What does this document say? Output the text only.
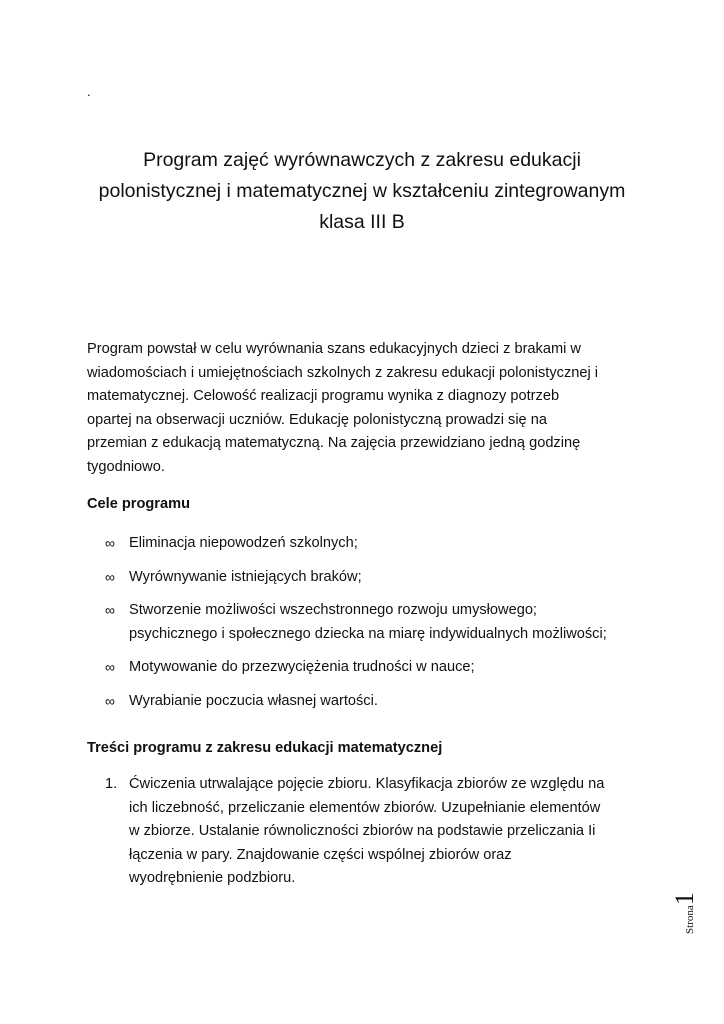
.
Program zajęć wyrównawczych z zakresu edukacji
polonistycznej i matematycznej w kształceniu zintegrowanym
klasa III B

Program powstał w celu wyrównania szans edukacyjnych dzieci z brakami w
wiadomościach i umiejętnościach szkolnych z zakresu edukacji polonistycznej i
matematycznej. Celowość realizacji programu wynika z diagnozy potrzeb
opartej na obserwacji uczniów. Edukację polonistyczną prowadzi się na
przemian z edukacją matematyczną. Na zajęcia przewidziano jedną godzinę
tygodniowo.

Cele programu
∞ Eliminacja niepowodzeń szkolnych;
∞ Wyrównywanie istniejących braków;
∞ Stworzenie możliwości wszechstronnego rozwoju umysłowego;
psychicznego i społecznego dziecka na miarę indywidualnych możliwości;
∞ Motywowanie do przezwyciężenia trudności w nauce;
∞ Wyrabianie poczucia własnej wartości.
Treści programu z zakresu edukacji matematycznej
1. Ćwiczenia utrwalające pojęcie zbioru. Klasyfikacja zbiorów ze względu na
ich liczebność, przeliczanie elementów zbiorów. Uzupełnianie elementów
w zbiorze. Ustalanie równoliczności zbiorów na podstawie przeliczania Ii
łączenia w pary. Znajdowanie części wspólnej zbiorów oraz
wyodrębnienie podzbioru.
Strona1
